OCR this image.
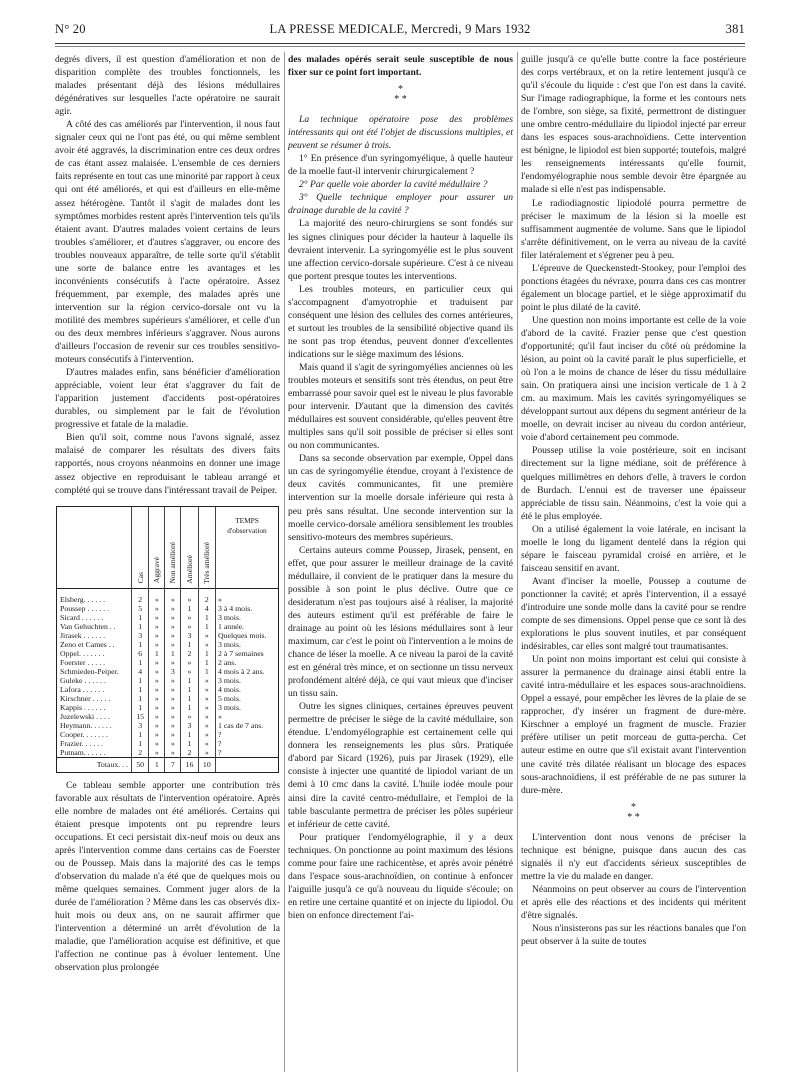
N° 20	LA PRESSE MEDICALE, Mercredi, 9 Mars 1932	381

degrés divers, il est question d'amélioration et non de disparition complète des troubles fonctionnels, les malades présentant déjà des lésions médullaires dégénératives sur lesquelles l'acte opératoire ne saurait agir.

A côté des cas améliorés par l'intervention, il nous faut signaler ceux qui ne l'ont pas été, ou qui même semblent avoir été aggravés, la discrimination entre ces deux ordres de cas étant assez malaisée. L'ensemble de ces derniers faits représente en tout cas une minorité par rapport à ceux qui ont été améliorés, et qui est d'ailleurs en elle-même assez hétérogène. Tantôt il s'agit de malades dont les symptômes morbides restent après l'intervention tels qu'ils étaient avant. D'autres malades voient certains de leurs troubles s'améliorer, et d'autres s'aggraver, ou encore des troubles nouveaux apparaître, de telle sorte qu'il s'établit une sorte de balance entre les avantages et les inconvénients consécutifs à l'acte opératoire. Assez fréquemment, par exemple, des malades après une intervention sur la région cervico-dorsale ont vu la motilité des membres supérieurs s'améliorer, et celle d'un ou des deux membres inférieurs s'aggraver. Nous aurons d'ailleurs l'occasion de revenir sur ces troubles sensitivo-moteurs consécutifs à l'intervention.

D'autres malades enfin, sans bénéficier d'amélioration appréciable, voient leur état s'aggraver du fait de l'apparition justement d'accidents post-opératoires durables, ou simplement par le fait de l'évolution progressive et fatale de la maladie.

Bien qu'il soit, comme nous l'avons signalé, assez malaisé de comparer les résultats des divers faits rapportés, nous croyons néanmoins en donner une image assez objective en reproduisant le tableau arrangé et complété qui se trouve dans l'intéressant travail de Peiper.

	Cas	Aggravé	Non amélioré	Amélioré	Très amélioré	TEMPS d'observation
Elsberg. . . . . .	2	»	»	»	2	»
Poussep . . . . . .	5	»	»	1	4	3 à 4 mois.
Sicard . . . . . .	1	»	»	»	1	3 mois.
Van Gehuchten . .	1	»	»	»	1	1 année.
Jirasek . . . . . .	3	»	»	3	»	Quelques mois.
Zeno et Cames . .	1	»	»	1	»	3 mois.
Oppel. . . . . . .	6	1	1	2	1	2 à 7 semaines
Foerster . . . . .	1	»	»	»	1	2 ans.
Schmieden-Peiper.	4	»	3	»	1	4 mois à 2 ans.
Guleke . . . . . .	1	»	»	1	»	3 mois.
Lafora . . . . . .	1	»	»	1	»	4 mois.
Kirschner . . . . .	1	»	»	1	»	5 mois.
Kappis . . . . . .	1	»	»	1	»	3 mois.
Juzelewski . . . .	15	»	»	»	»	»
Heymann. . . . . .	3	»	»	3	»	1 cas de 7 ans.
Cooper. . . . . . .	1	»	»	1	»	?
Frazier. . . . . .	1	»	»	1	»	?
Putnam. . . . . .	2	»	»	2	»	?
Totaux. . .	50	1	7	16	10	

Ce tableau semble apporter une contribution très favorable aux résultats de l'intervention opératoire. Après elle nombre de malades ont été améliorés. Certains qui étaient presque impotents ont pu reprendre leurs occupations. Et ceci persistait dix-neuf mois ou deux ans après l'intervention comme dans certains cas de Foerster ou de Poussep. Mais dans la majorité des cas le temps d'observation du malade n'a été que de quelques mois ou même quelques semaines. Comment juger alors de la durée de l'amélioration ? Même dans les cas observés dix-huit mois ou deux ans, on ne saurait affirmer que l'intervention a déterminé un arrêt d'évolution de la maladie, que l'amélioration acquise est définitive, et que l'affection ne continue pas à évoluer lentement. Une observation plus prolongée

des malades opérés serait seule susceptible de nous fixer sur ce point fort important.

*
* *

La technique opératoire pose des problèmes intéressants qui ont été l'objet de discussions multiples, et peuvent se résumer à trois.

1° En présence d'un syringomyélique, à quelle hauteur de la moelle faut-il intervenir chirurgicalement ?

2° Par quelle voie aborder la cavité médullaire ?

3° Quelle technique employer pour assurer un drainage durable de la cavité ?

La majorité des neuro-chirurgiens se sont fondés sur les signes cliniques pour décider la hauteur à laquelle ils devraient intervenir. La syringomyélie est le plus souvent une affection cervico-dorsale supérieure. C'est à ce niveau que portent presque toutes les interventions.

Les troubles moteurs, en particulier ceux qui s'accompagnent d'amyotrophie et traduisent par conséquent une lésion des cellules des cornes antérieures, et surtout les troubles de la sensibilité objective quand ils ne sont pas trop étendus, peuvent donner d'excellentes indications sur le siège maximum des lésions.

Mais quand il s'agit de syringomyélies anciennes où les troubles moteurs et sensitifs sont très étendus, on peut être embarrassé pour savoir quel est le niveau le plus favorable pour intervenir. D'autant que la dimension des cavités médullaires est souvent considérable, qu'elles peuvent être multiples sans qu'il soit possible de préciser si elles sont ou non communicantes.

Dans sa seconde observation par exemple, Oppel dans un cas de syringomyélie étendue, croyant à l'existence de deux cavités communicantes, fit une première intervention sur la moelle dorsale inférieure qui resta à peu près sans résultat. Une seconde intervention sur la moelle cervico-dorsale améliora sensiblement les troubles sensitivo-moteurs des membres supérieurs.

Certains auteurs comme Poussep, Jirasek, pensent, en effet, que pour assurer le meilleur drainage de la cavité médullaire, il convient de le pratiquer dans la mesure du possible à son point le plus déclive. Outre que ce desideratum n'est pas toujours aisé à réaliser, la majorité des auteurs estiment qu'il est préférable de faire le drainage au point où les lésions médullaires sont à leur maximum, car c'est le point où l'intervention a le moins de chance de léser la moelle. A ce niveau la paroi de la cavité est en général très mince, et on sectionne un tissu nerveux profondément altéré déjà, ce qui vaut mieux que d'inciser un tissu sain.

Outre les signes cliniques, certaines épreuves peuvent permettre de préciser le siège de la cavité médullaire, son étendue. L'endomyélographie est certainement celle qui donnera les renseignements les plus sûrs. Pratiquée d'abord par Sicard (1926), puis par Jirasek (1929), elle consiste à injecter une quantité de lipiodol variant de un demi à 10 cmc dans la cavité. L'huile iodée moule pour ainsi dire la cavité centro-médullaire, et l'emploi de la table basculante permettra de préciser les pôles supérieur et inférieur de cette cavité.

Pour pratiquer l'endomyélographie, il y a deux techniques. On ponctionne au point maximum des lésions comme pour faire une rachicentèse, et après avoir pénétré dans l'espace sous-arachnoïdien, on continue à enfoncer l'aiguille jusqu'à ce qu'à nouveau du liquide s'écoule; on en retire une certaine quantité et on injecte du lipiodol. Ou bien on enfonce directement l'ai-

guille jusqu'à ce qu'elle butte contre la face postérieure des corps vertébraux, et on la retire lentement jusqu'à ce qu'il s'écoule du liquide : c'est que l'on est dans la cavité. Sur l'image radiographique, la forme et les contours nets de l'ombre, son siège, sa fixité, permettront de distinguer une ombre centro-médullaire du lipiodol injecté par erreur dans les espaces sous-arachnoïdiens. Cette intervention est bénigne, le lipiodol est bien supporté; toutefois, malgré les renseignements intéressants qu'elle fournit, l'endomyélographie nous semble devoir être épargnée au malade si elle n'est pas indispensable.

Le radiodiagnostic lipiodolé pourra permettre de préciser le maximum de la lésion si la moelle est suffisamment augmentée de volume. Sans que le lipiodol s'arrête définitivement, on le verra au niveau de la cavité filer latéralement et s'égrener peu à peu.

L'épreuve de Queckenstedt-Stookey, pour l'emploi des ponctions étagées du névraxe, pourra dans ces cas montrer également un blocage partiel, et le siège approximatif du point le plus dilaté de la cavité.

Une question non moins importante est celle de la voie d'abord de la cavité. Frazier pense que c'est question d'opportunité; qu'il faut inciser du côté où prédomine la lésion, au point où la cavité paraît le plus superficielle, et où l'on a le moins de chance de léser du tissu médullaire sain. On pratiquera ainsi une incision verticale de 1 à 2 cm. au maximum. Mais les cavités syringomyéliques se développant surtout aux dépens du segment antérieur de la moelle, on devrait inciser au niveau du cordon antérieur, voie d'abord certainement peu commode.

Poussep utilise la voie postérieure, soit en incisant directement sur la ligne médiane, soit de préférence à quelques millimètres en dehors d'elle, à travers le cordon de Burdach. L'ennui est de traverser une épaisseur appréciable de tissu sain. Néanmoins, c'est la voie qui a été le plus employée.

On a utilisé également la voie latérale, en incisant la moelle le long du ligament dentelé dans la région qui sépare le faisceau pyramidal croisé en arrière, et le faisceau sensitif en avant.

Avant d'inciser la moelle, Poussep a coutume de ponctionner la cavité; et après l'intervention, il a essayé d'introduire une sonde molle dans la cavité pour se rendre compte de ses dimensions. Oppel pense que ce sont là des explorations le plus souvent inutiles, et par conséquent indésirables, car elles sont malgré tout traumatisantes.

Un point non moins important est celui qui consiste à assurer la permanence du drainage ainsi établi entre la cavité intra-médullaire et les espaces sous-arachnoïdiens. Oppel a essayé, pour empêcher les lèvres de la plaie de se rapprocher, d'y insérer un fragment de dure-mère. Kirschner a employé un fragment de muscle. Frazier préfère utiliser un petit morceau de gutta-percha. Cet auteur estime en outre que s'il existait avant l'intervention une cavité très dilatée réalisant un blocage des espaces sous-arachnoïdiens, il est préférable de ne pas suturer la dure-mère.

*
* *

L'intervention dont nous venons de préciser la technique est bénigne, puisque dans aucun des cas signalés il n'y eut d'accidents sérieux susceptibles de mettre la vie du malade en danger.

Néanmoins on peut observer au cours de l'intervention et après elle des réactions et des incidents qui méritent d'être signalés.

Nous n'insisterons pas sur les réactions banales que l'on peut observer à la suite de toutes
